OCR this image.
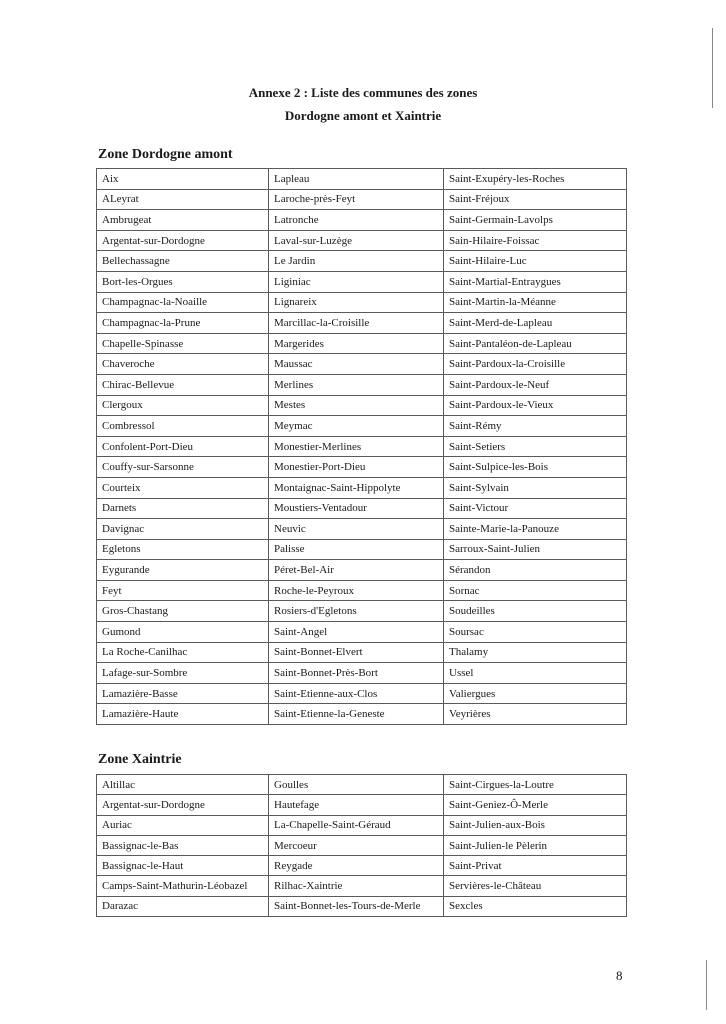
Annexe 2 : Liste des communes des zones
Dordogne amont et Xaintrie
Zone Dordogne amont
Aix	Lapleau	Saint-Exupéry-les-Roches
ALeyrat	Laroche-près-Feyt	Saint-Fréjoux
Ambrugeat	Latronche	Saint-Germain-Lavolps
Argentat-sur-Dordogne	Laval-sur-Luzège	Sain-Hilaire-Foissac
Bellechassagne	Le Jardin	Saint-Hilaire-Luc
Bort-les-Orgues	Liginiac	Saint-Martial-Entraygues
Champagnac-la-Noaille	Lignareix	Saint-Martin-la-Méanne
Champagnac-la-Prune	Marcillac-la-Croisille	Saint-Merd-de-Lapleau
Chapelle-Spinasse	Margerides	Saint-Pantaléon-de-Lapleau
Chaveroche	Maussac	Saint-Pardoux-la-Croisille
Chirac-Bellevue	Merlines	Saint-Pardoux-le-Neuf
Clergoux	Mestes	Saint-Pardoux-le-Vieux
Combressol	Meymac	Saint-Rémy
Confolent-Port-Dieu	Monestier-Merlines	Saint-Setiers
Couffy-sur-Sarsonne	Monestier-Port-Dieu	Saint-Sulpice-les-Bois
Courteix	Montaignac-Saint-Hippolyte	Saint-Sylvain
Darnets	Moustiers-Ventadour	Saint-Victour
Davignac	Neuvic	Sainte-Marie-la-Panouze
Egletons	Palisse	Sarroux-Saint-Julien
Eygurande	Péret-Bel-Air	Sérandon
Feyt	Roche-le-Peyroux	Sornac
Gros-Chastang	Rosiers-d'Egletons	Soudeilles
Gumond	Saint-Angel	Soursac
La Roche-Canilhac	Saint-Bonnet-Elvert	Thalamy
Lafage-sur-Sombre	Saint-Bonnet-Près-Bort	Ussel
Lamazière-Basse	Saint-Etienne-aux-Clos	Valiergues
Lamazière-Haute	Saint-Etienne-la-Geneste	Veyrières
Zone Xaintrie
Altillac	Goulles	Saint-Cirgues-la-Loutre
Argentat-sur-Dordogne	Hautefage	Saint-Geniez-Ô-Merle
Auriac	La-Chapelle-Saint-Géraud	Saint-Julien-aux-Bois
Bassignac-le-Bas	Mercoeur	Saint-Julien-le Pèlerin
Bassignac-le-Haut	Reygade	Saint-Privat
Camps-Saint-Mathurin-Léobazel	Rilhac-Xaintrie	Servières-le-Château
Darazac	Saint-Bonnet-les-Tours-de-Merle	Sexcles
8
